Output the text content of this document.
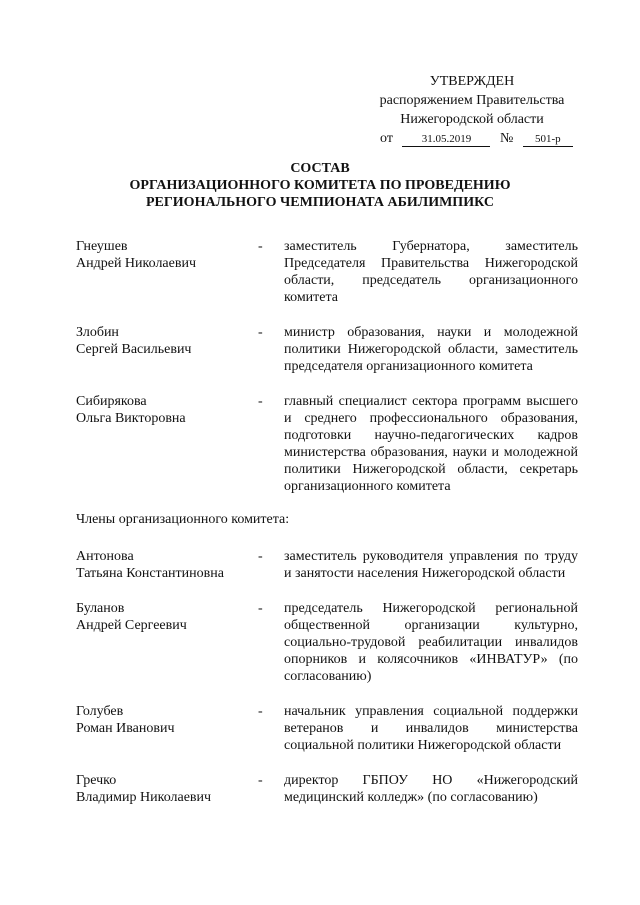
УТВЕРЖДЕН
распоряжением Правительства
Нижегородской области
от	31.05.2019 № 501-р
СОСТАВ
ОРГАНИЗАЦИОННОГО КОМИТЕТА ПО ПРОВЕДЕНИЮ
РЕГИОНАЛЬНОГО ЧЕМПИОНАТА АБИЛИМПИКС
Гнеушев
Андрей Николаевич
-	заместитель Губернатора, заместитель Председателя Правительства Нижегородской области, председатель организационного комитета
Злобин
Сергей Васильевич
-	министр образования, науки и молодежной политики Нижегородской области, заместитель председателя организационного комитета
Сибирякова
Ольга Викторовна
-	главный специалист сектора программ высшего и среднего профессионального образования, подготовки научно-педагогических кадров министерства образования, науки и молодежной политики Нижегородской области, секретарь организационного комитета
Члены организационного комитета:
Антонова
Татьяна Константиновна
-	заместитель руководителя управления по труду и занятости населения Нижегородской области
Буланов
Андрей Сергеевич
-	председатель Нижегородской региональной общественной организации культурно, социально-трудовой реабилитации инвалидов опорников и колясочников «ИНВАТУР» (по согласованию)
Голубев
Роман Иванович
-	начальник управления социальной поддержки ветеранов и инвалидов министерства социальной политики Нижегородской области
Гречко
Владимир Николаевич
-	директор ГБПОУ НО «Нижегородский медицинский колледж» (по согласованию)
